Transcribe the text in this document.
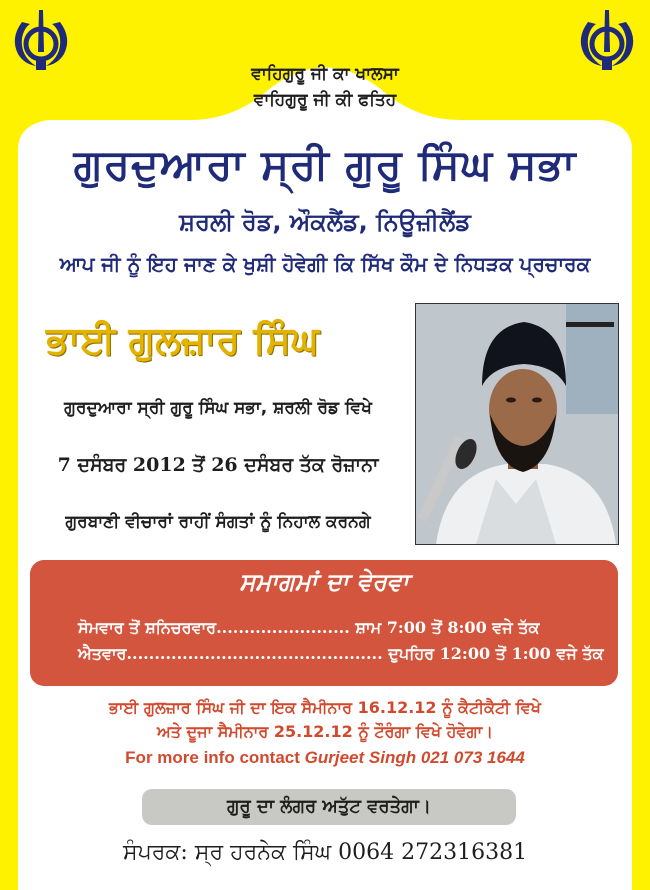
ਵਾਹਿਗੁਰੂ ਜੀ ਕਾ ਖਾਲਸਾ
ਵਾਹਿਗੁਰੂ ਜੀ ਕੀ ਫਤਿਹ
ਗੁਰਦੁਆਰਾ ਸ੍ਰੀ ਗੁਰੂ ਸਿੰਘ ਸਭਾ
ਸ਼ਰਲੀ ਰੋਡ, ਔਕਲੈਂਡ, ਨਿਊਜ਼ੀਲੈਂਡ
ਆਪ ਜੀ ਨੂੰ ਇਹ ਜਾਣ ਕੇ ਖੁਸ਼ੀ ਹੋਵੇਗੀ ਕਿ ਸਿੱਖ ਕੌਮ ਦੇ ਨਿਧੜਕ ਪ੍ਰਚਾਰਕ
ਭਾਈ ਗੁਲਜ਼ਾਰ ਸਿੰਘ
ਗੁਰਦੁਆਰਾ ਸ੍ਰੀ ਗੁਰੂ ਸਿੰਘ ਸਭਾ, ਸ਼ਰਲੀ ਰੋਡ ਵਿਖੇ
7 ਦਸੰਬਰ 2012 ਤੋਂ 26 ਦਸੰਬਰ ਤੱਕ ਰੋਜ਼ਾਨਾ
ਗੁਰਬਾਣੀ ਵੀਚਾਰਾਂ ਰਾਹੀਂ ਸੰਗਤਾਂ ਨੂੰ ਨਿਹਾਲ ਕਰਨਗੇ
ਸਮਾਗਮਾਂ ਦਾ ਵੇਰਵਾ
ਸੋਮਵਾਰ ਤੋਂ ਸ਼ਨਿਚਰਵਾਰ........................ ਸ਼ਾਮ 7:00 ਤੋਂ 8:00 ਵਜੇ ਤੱਕ
ਐਤਵਾਰ.............................................. ਦੁਪਹਿਰ 12:00 ਤੋਂ 1:00 ਵਜੇ ਤੱਕ
ਭਾਈ ਗੁਲਜ਼ਾਰ ਸਿੰਘ ਜੀ ਦਾ ਇਕ ਸੈਮੀਨਾਰ 16.12.12 ਨੂੰ ਕੈਟੀਕੈਟੀ ਵਿਖੇ
ਅਤੇ ਦੂਜਾ ਸੈਮੀਨਾਰ 25.12.12 ਨੂੰ ਟੌਰੰਗਾ ਵਿਖੇ ਹੋਵੇਗਾ।
For more info contact Gurjeet Singh 021 073 1644
ਗੁਰੂ ਦਾ ਲੰਗਰ ਅਤੁੱਟ ਵਰਤੇਗਾ।
ਸੰਪਰਕ: ਸ੍ਰ ਹਰਨੇਕ ਸਿੰਘ 0064 272316381
